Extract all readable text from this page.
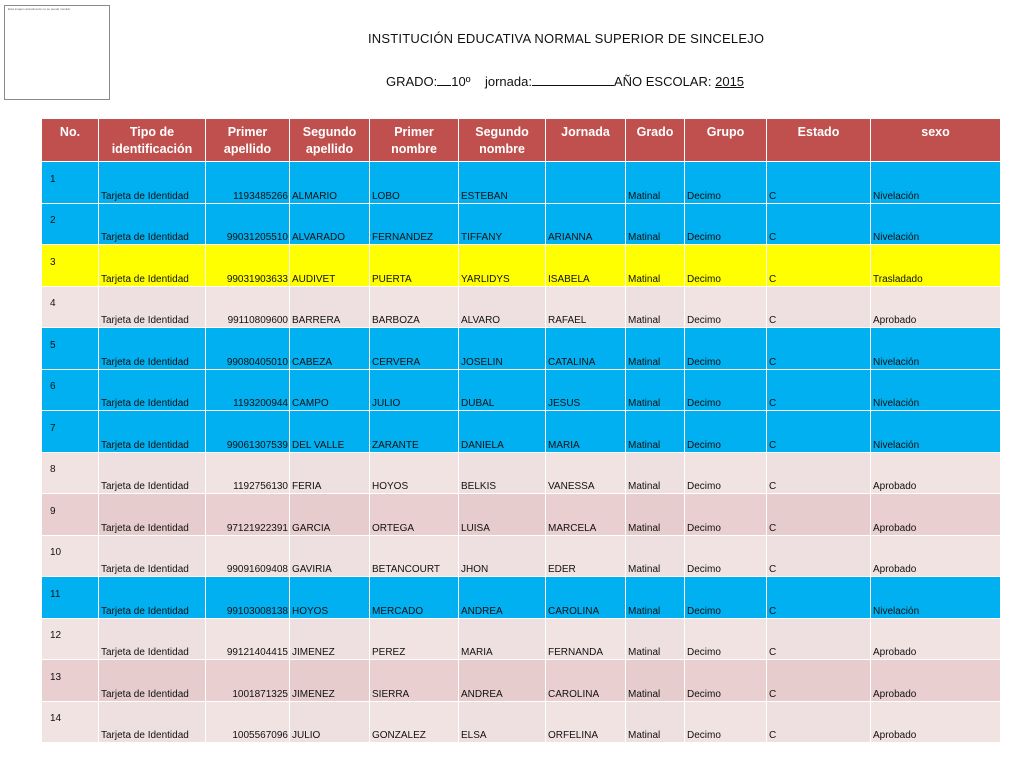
Esta imagen actualmente no se puede mostrar.
INSTITUCIÓN EDUCATIVA NORMAL SUPERIOR DE SINCELEJO
GRADO: 10º jornada:	AÑO ESCOLAR: 2015
No.	Tipo de identificación	Primer apellido	Segundo apellido	Primer nombre	Segundo nombre	Jornada	Grado	Grupo	Estado	sexo
1	Tarjeta de Identidad	1193485266	ALMARIO	LOBO	ESTEBAN		Matinal	Decimo	C	Nivelación
2	Tarjeta de Identidad	99031205510	ALVARADO	FERNANDEZ	TIFFANY	ARIANNA	Matinal	Decimo	C	Nivelación
3	Tarjeta de Identidad	99031903633	AUDIVET	PUERTA	YARLIDYS	ISABELA	Matinal	Decimo	C	Trasladado
4	Tarjeta de Identidad	99110809600	BARRERA	BARBOZA	ALVARO	RAFAEL	Matinal	Decimo	C	Aprobado
5	Tarjeta de Identidad	99080405010	CABEZA	CERVERA	JOSELIN	CATALINA	Matinal	Decimo	C	Nivelación
6	Tarjeta de Identidad	1193200944	CAMPO	JULIO	DUBAL	JESUS	Matinal	Decimo	C	Nivelación
7	Tarjeta de Identidad	99061307539	DEL VALLE	ZARANTE	DANIELA	MARIA	Matinal	Decimo	C	Nivelación
8	Tarjeta de Identidad	1192756130	FERIA	HOYOS	BELKIS	VANESSA	Matinal	Decimo	C	Aprobado
9	Tarjeta de Identidad	97121922391	GARCIA	ORTEGA	LUISA	MARCELA	Matinal	Decimo	C	Aprobado
10	Tarjeta de Identidad	99091609408	GAVIRIA	BETANCOURT	JHON	EDER	Matinal	Decimo	C	Aprobado
11	Tarjeta de Identidad	99103008138	HOYOS	MERCADO	ANDREA	CAROLINA	Matinal	Decimo	C	Nivelación
12	Tarjeta de Identidad	99121404415	JIMENEZ	PEREZ	MARIA	FERNANDA	Matinal	Decimo	C	Aprobado
13	Tarjeta de Identidad	1001871325	JIMENEZ	SIERRA	ANDREA	CAROLINA	Matinal	Decimo	C	Aprobado
14	Tarjeta de Identidad	1005567096	JULIO	GONZALEZ	ELSA	ORFELINA	Matinal	Decimo	C	Aprobado
